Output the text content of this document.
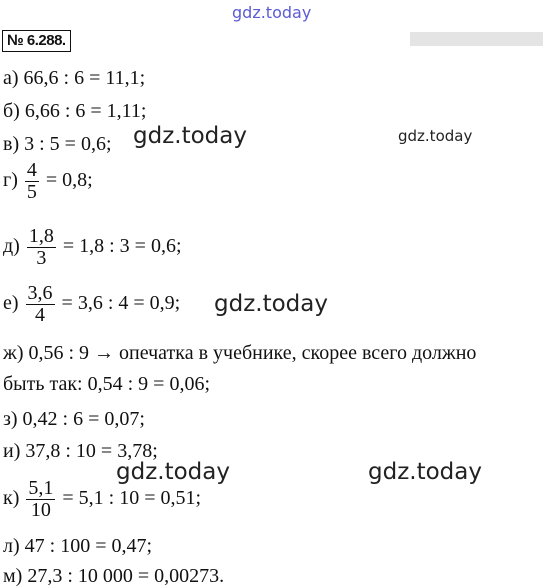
gdz.today
№ 6.288.
а) 66,6 : 6 = 11,1;
б) 6,66 : 6 = 1,11;
в) 3 : 5 = 0,6; gdz.today	gdz.today
$г) \frac{4}{5} = 0,8$;
$д) \frac{1,8}{3} = 1,8$ : 3 = 0,6;
$е) \frac{3,6}{4} = 3,6$ : 4 = 0,9; gdz.today
ж) 0,56 : 9 → опечатка в учебнике, скорее всего должно
быть так: 0,54 : 9 = 0,06;
з) 0,42 : 6 = 0,07;
и) 37,8 : 10 = 3,78;
gdz.today	gdz.today
$к) \frac{5,1}{10} = 5,1$ : 10 = 0,51;
л) 47 : 100 = 0,47;
м) 27,3 : 10 000 = 0,00273.
